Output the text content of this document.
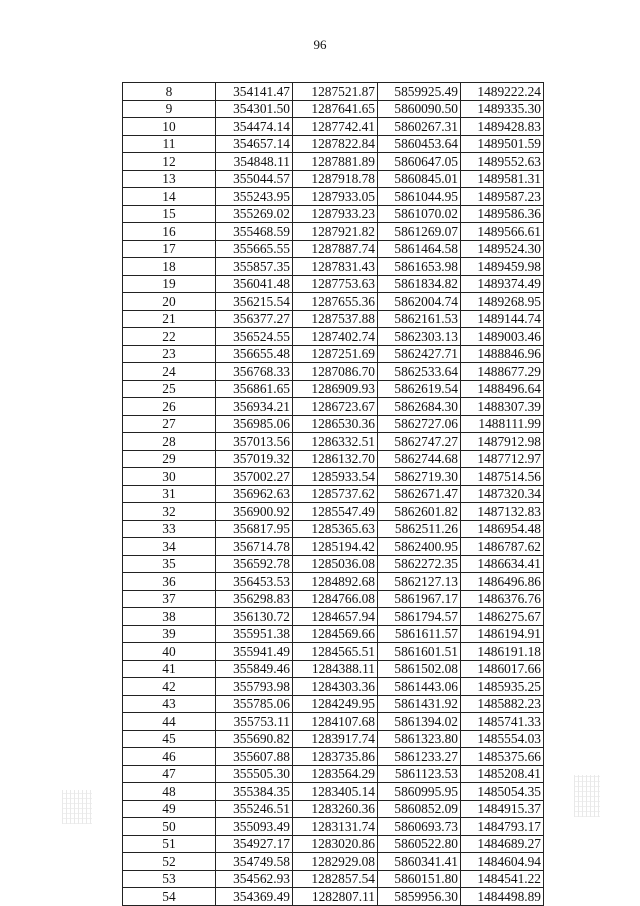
96
8	354141.47	1287521.87	5859925.49	1489222.24
9	354301.50	1287641.65	5860090.50	1489335.30
10	354474.14	1287742.41	5860267.31	1489428.83
11	354657.14	1287822.84	5860453.64	1489501.59
12	354848.11	1287881.89	5860647.05	1489552.63
13	355044.57	1287918.78	5860845.01	1489581.31
14	355243.95	1287933.05	5861044.95	1489587.23
15	355269.02	1287933.23	5861070.02	1489586.36
16	355468.59	1287921.82	5861269.07	1489566.61
17	355665.55	1287887.74	5861464.58	1489524.30
18	355857.35	1287831.43	5861653.98	1489459.98
19	356041.48	1287753.63	5861834.82	1489374.49
20	356215.54	1287655.36	5862004.74	1489268.95
21	356377.27	1287537.88	5862161.53	1489144.74
22	356524.55	1287402.74	5862303.13	1489003.46
23	356655.48	1287251.69	5862427.71	1488846.96
24	356768.33	1287086.70	5862533.64	1488677.29
25	356861.65	1286909.93	5862619.54	1488496.64
26	356934.21	1286723.67	5862684.30	1488307.39
27	356985.06	1286530.36	5862727.06	1488111.99
28	357013.56	1286332.51	5862747.27	1487912.98
29	357019.32	1286132.70	5862744.68	1487712.97
30	357002.27	1285933.54	5862719.30	1487514.56
31	356962.63	1285737.62	5862671.47	1487320.34
32	356900.92	1285547.49	5862601.82	1487132.83
33	356817.95	1285365.63	5862511.26	1486954.48
34	356714.78	1285194.42	5862400.95	1486787.62
35	356592.78	1285036.08	5862272.35	1486634.41
36	356453.53	1284892.68	5862127.13	1486496.86
37	356298.83	1284766.08	5861967.17	1486376.76
38	356130.72	1284657.94	5861794.57	1486275.67
39	355951.38	1284569.66	5861611.57	1486194.91
40	355941.49	1284565.51	5861601.51	1486191.18
41	355849.46	1284388.11	5861502.08	1486017.66
42	355793.98	1284303.36	5861443.06	1485935.25
43	355785.06	1284249.95	5861431.92	1485882.23
44	355753.11	1284107.68	5861394.02	1485741.33
45	355690.82	1283917.74	5861323.80	1485554.03
46	355607.88	1283735.86	5861233.27	1485375.66
47	355505.30	1283564.29	5861123.53	1485208.41
48	355384.35	1283405.14	5860995.95	1485054.35
49	355246.51	1283260.36	5860852.09	1484915.37
50	355093.49	1283131.74	5860693.73	1484793.17
51	354927.17	1283020.86	5860522.80	1484689.27
52	354749.58	1282929.08	5860341.41	1484604.94
53	354562.93	1282857.54	5860151.80	1484541.22
54	354369.49	1282807.11	5859956.30	1484498.89
